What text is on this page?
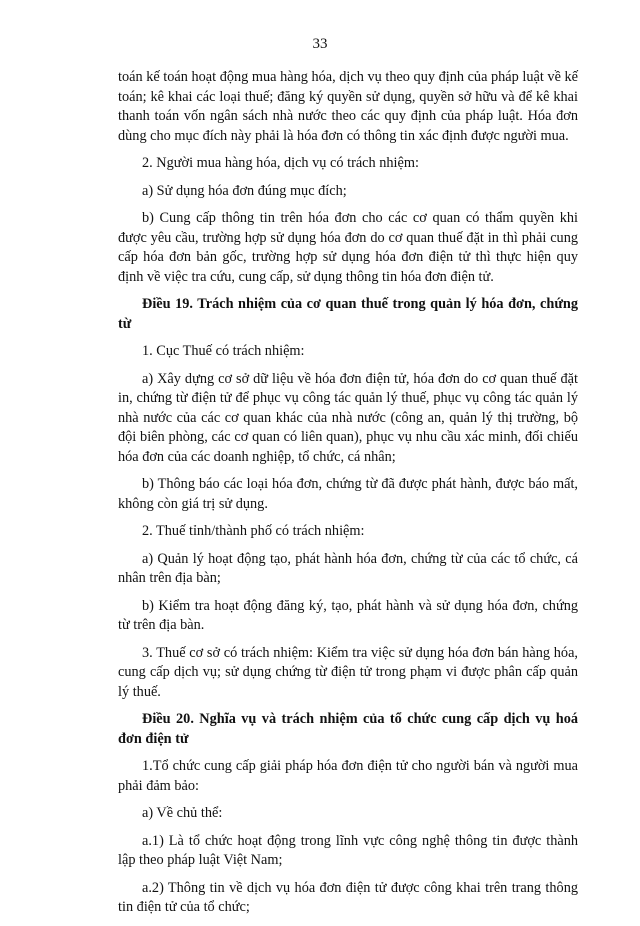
33

toán kế toán hoạt động mua hàng hóa, dịch vụ theo quy định của pháp luật về kế toán; kê khai các loại thuế; đăng ký quyền sử dụng, quyền sở hữu và để kê khai thanh toán vốn ngân sách nhà nước theo các quy định của pháp luật. Hóa đơn dùng cho mục đích này phải là hóa đơn có thông tin xác định được người mua.

2. Người mua hàng hóa, dịch vụ có trách nhiệm:

a) Sử dụng hóa đơn đúng mục đích;

b) Cung cấp thông tin trên hóa đơn cho các cơ quan có thẩm quyền khi được yêu cầu, trường hợp sử dụng hóa đơn do cơ quan thuế đặt in thì phải cung cấp hóa đơn bản gốc, trường hợp sử dụng hóa đơn điện tử thì thực hiện quy định về việc tra cứu, cung cấp, sử dụng thông tin hóa đơn điện tử.

Điều 19. Trách nhiệm của cơ quan thuế trong quản lý hóa đơn, chứng từ

1. Cục Thuế có trách nhiệm:

a) Xây dựng cơ sở dữ liệu về hóa đơn điện tử, hóa đơn do cơ quan thuế đặt in, chứng từ điện tử để phục vụ công tác quản lý thuế, phục vụ công tác quản lý nhà nước của các cơ quan khác của nhà nước (công an, quản lý thị trường, bộ đội biên phòng, các cơ quan có liên quan), phục vụ nhu cầu xác minh, đối chiếu hóa đơn của các doanh nghiệp, tổ chức, cá nhân;

b) Thông báo các loại hóa đơn, chứng từ đã được phát hành, được báo mất, không còn giá trị sử dụng.

2. Thuế tỉnh/thành phố có trách nhiệm:

a) Quản lý hoạt động tạo, phát hành hóa đơn, chứng từ của các tổ chức, cá nhân trên địa bàn;

b) Kiểm tra hoạt động đăng ký, tạo, phát hành và sử dụng hóa đơn, chứng từ trên địa bàn.

3. Thuế cơ sở có trách nhiệm: Kiểm tra việc sử dụng hóa đơn bán hàng hóa, cung cấp dịch vụ; sử dụng chứng từ điện tử trong phạm vi được phân cấp quản lý thuế.

Điều 20. Nghĩa vụ và trách nhiệm của tổ chức cung cấp dịch vụ hoá đơn điện tử

1.Tổ chức cung cấp giải pháp hóa đơn điện tử cho người bán và người mua phải đảm bảo:

a) Về chủ thể:

a.1) Là tổ chức hoạt động trong lĩnh vực công nghệ thông tin được thành lập theo pháp luật Việt Nam;

a.2) Thông tin về dịch vụ hóa đơn điện tử được công khai trên trang thông tin điện tử của tổ chức;
